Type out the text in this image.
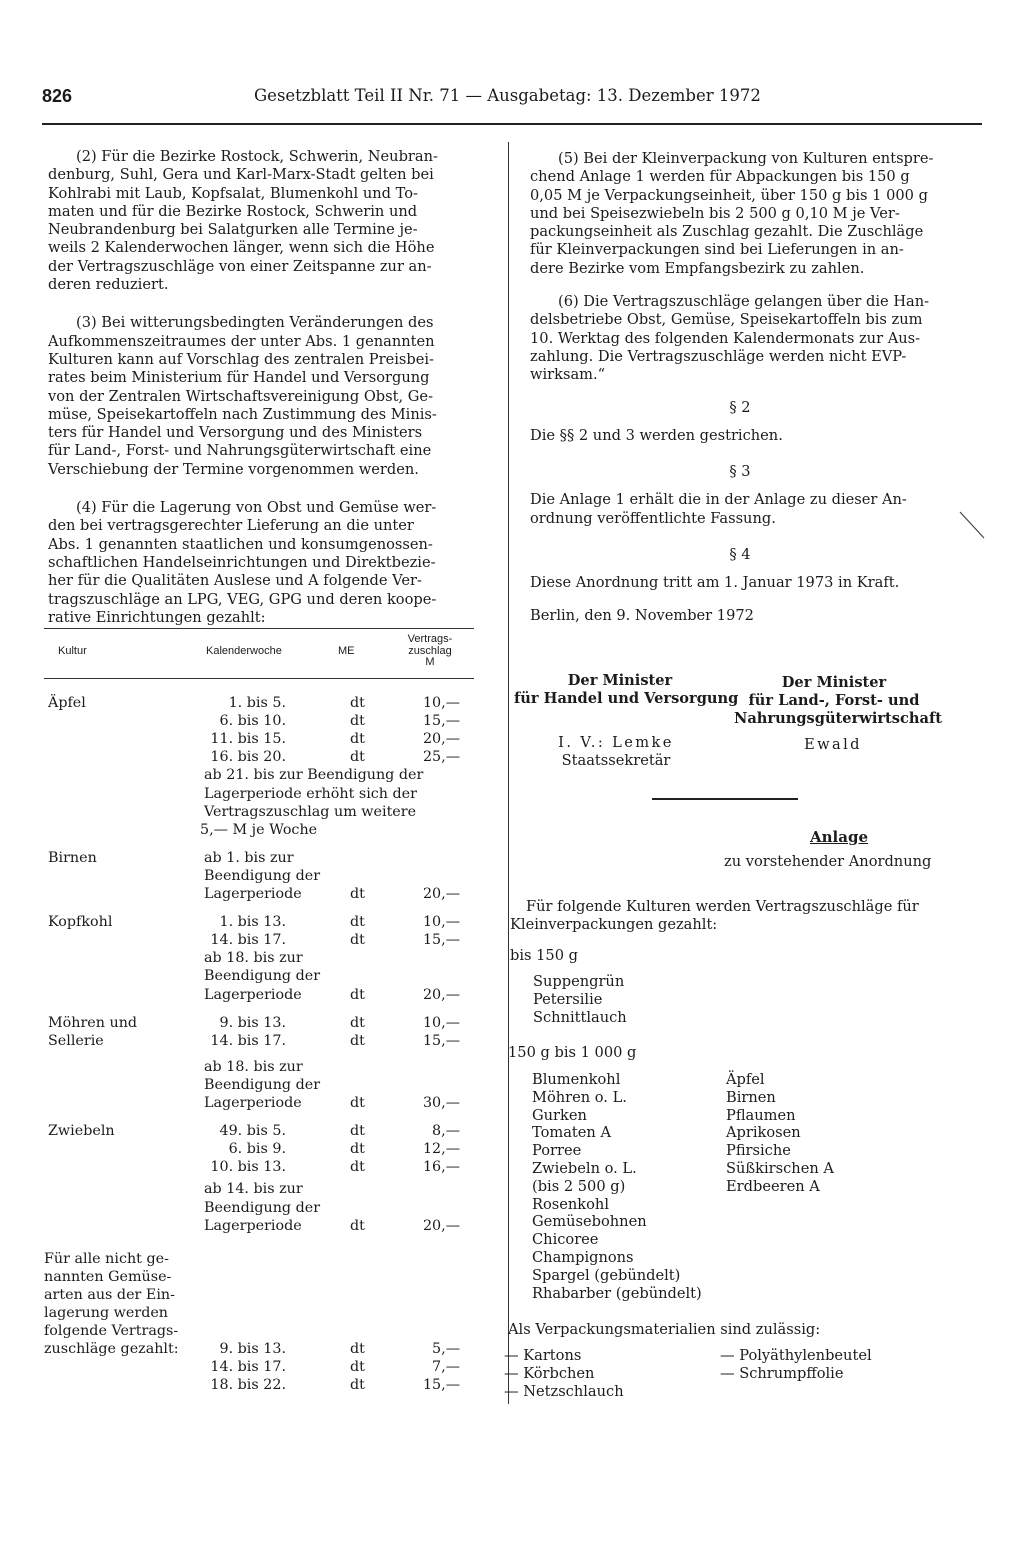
826	Gesetzblatt Teil II Nr. 71 — Ausgabetag: 13. Dezember 1972
(2) Für die Bezirke Rostock, Schwerin, Neubran-
denburg, Suhl, Gera und Karl-Marx-Stadt gelten bei
Kohlrabi mit Laub, Kopfsalat, Blumenkohl und To-
maten und für die Bezirke Rostock, Schwerin und
Neubrandenburg bei Salatgurken alle Termine je-
weils 2 Kalenderwochen länger, wenn sich die Höhe
der Vertragszuschläge von einer Zeitspanne zur an-
deren reduziert.
(3) Bei witterungsbedingten Veränderungen des
Aufkommenszeitraumes der unter Abs. 1 genannten
Kulturen kann auf Vorschlag des zentralen Preisbei-
rates beim Ministerium für Handel und Versorgung
von der Zentralen Wirtschaftsvereinigung Obst, Ge-
müse, Speisekartoffeln nach Zustimmung des Minis-
ters für Handel und Versorgung und des Ministers
für Land-, Forst- und Nahrungsgüterwirtschaft eine
Verschiebung der Termine vorgenommen werden.
(4) Für die Lagerung von Obst und Gemüse wer-
den bei vertragsgerechter Lieferung an die unter
Abs. 1 genannten staatlichen und konsumgenossen-
schaftlichen Handelseinrichtungen und Direktbezie-
her für die Qualitäten Auslese und A folgende Ver-
tragszuschläge an LPG, VEG, GPG und deren koope-
rative Einrichtungen gezahlt:
Kultur	Kalenderwoche	ME
Vertrags-
zuschlag
M
Äpfel	1. bis 5.	dt	10,—
6. bis 10.	dt	15,—
11. bis 15.	dt	20,—
16. bis 20.	dt	25,—
ab 21. bis zur Beendigung der
Lagerperiode erhöht sich der
Vertragszuschlag um weitere
5,— M je Woche
Birnen	ab 1. bis zur
Beendigung der
Lagerperiode	dt	20,—
Kopfkohl	1. bis 13.	dt	10,—
14. bis 17.	dt	15,—
ab 18. bis zur
Beendigung der
Lagerperiode	dt	20,—
Möhren und	9. bis 13.	dt	10,—
Sellerie	14. bis 17.	dt	15,—
ab 18. bis zur
Beendigung der
Lagerperiode	dt	30,—
Zwiebeln	49. bis 5.	dt	8,—
6. bis 9.	dt	12,—
10. bis 13.	dt	16,—
ab 14. bis zur
Beendigung der
Lagerperiode	dt	20,—
Für alle nicht ge-
nannten Gemüse-
arten aus der Ein-
lagerung werden
folgende Vertrags-
zuschläge gezahlt:	9. bis 13.	dt	5,—
14. bis 17.	dt	7,—
18. bis 22.	dt	15,—
(5) Bei der Kleinverpackung von Kulturen entspre-
chend Anlage 1 werden für Abpackungen bis 150 g
0,05 M je Verpackungseinheit, über 150 g bis 1 000 g
und bei Speisezwiebeln bis 2 500 g 0,10 M je Ver-
packungseinheit als Zuschlag gezahlt. Die Zuschläge
für Kleinverpackungen sind bei Lieferungen in an-
dere Bezirke vom Empfangsbezirk zu zahlen.
(6) Die Vertragszuschläge gelangen über die Han-
delsbetriebe Obst, Gemüse, Speisekartoffeln bis zum
10. Werktag des folgenden Kalendermonats zur Aus-
zahlung. Die Vertragszuschläge werden nicht EVP-
wirksam.“
§ 2
Die §§ 2 und 3 werden gestrichen.
§ 3
Die Anlage 1 erhält die in der Anlage zu dieser An-
ordnung veröffentlichte Fassung.
§ 4
Diese Anordnung tritt am 1. Januar 1973 in Kraft.
Berlin, den 9. November 1972
Der Minister
für Handel und Versorgung
Der Minister
für Land-, Forst- und
Nahrungsgüterwirtschaft
I. V.: Lemke
Staatssekretär
Ewald
Anlage
zu vorstehender Anordnung
Für folgende Kulturen werden Vertragszuschläge für
Kleinverpackungen gezahlt:
bis 150 g
Suppengrün
Petersilie
Schnittlauch
150 g bis 1 000 g
Blumenkohl
Möhren o. L.
Gurken
Tomaten A
Porree
Zwiebeln o. L.
(bis 2 500 g)
Rosenkohl
Gemüsebohnen
Chicoree
Champignons
Spargel (gebündelt)
Rhabarber (gebündelt)
Äpfel
Birnen
Pflaumen
Aprikosen
Pfirsiche
Süßkirschen A
Erdbeeren A
Als Verpackungsmaterialien sind zulässig:
— Kartons
— Körbchen
— Netzschlauch
— Polyäthylenbeutel
— Schrumpffolie
